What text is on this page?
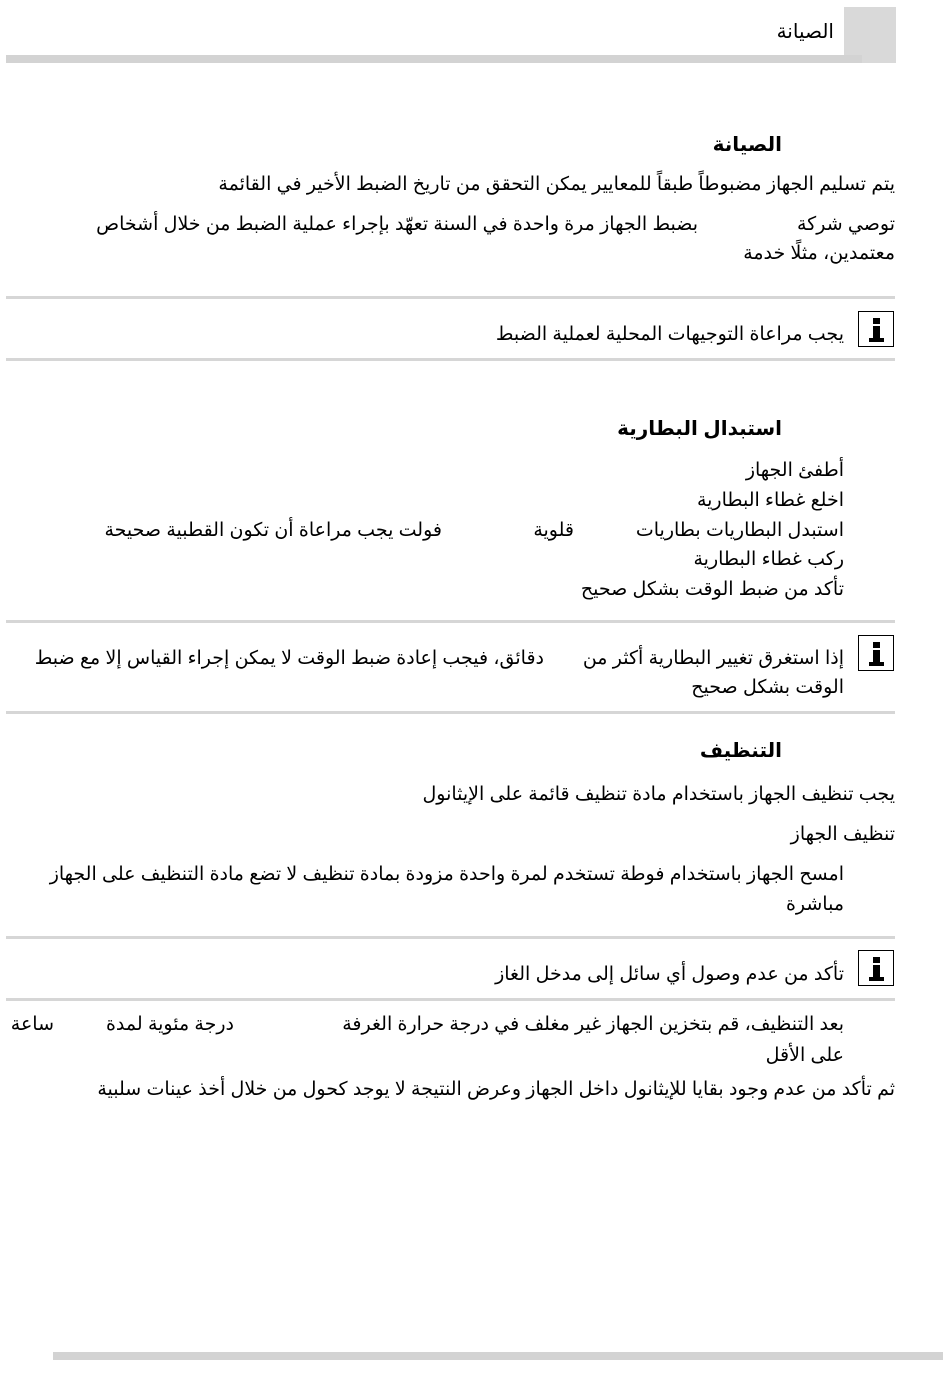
الصيانة
الصيانة
يتم تسليم الجهاز مضبوطاً طبقاً للمعايير يمكن التحقق من تاريخ الضبط الأخير في القائمة
توصي شركة
بضبط الجهاز مرة واحدة في السنة تعهّد بإجراء عملية الضبط من خلال أشخاص
معتمدين، مثلًا خدمة
يجب مراعاة التوجيهات المحلية لعملية الضبط
استبدال البطارية
أطفئ الجهاز
اخلع غطاء البطارية
استبدل البطاريات بطاريات
قلوية
فولت يجب مراعاة أن تكون القطبية صحيحة
ركب غطاء البطارية
تأكد من ضبط الوقت بشكل صحيح
إذا استغرق تغيير البطارية أكثر من
دقائق، فيجب إعادة ضبط الوقت لا يمكن إجراء القياس إلا مع ضبط
الوقت بشكل صحيح
التنظيف
يجب تنظيف الجهاز باستخدام مادة تنظيف قائمة على الإيثانول
تنظيف الجهاز
امسح الجهاز باستخدام فوطة تستخدم لمرة واحدة مزودة بمادة تنظيف لا تضع مادة التنظيف على الجهاز
مباشرة
تأكد من عدم وصول أي سائل إلى مدخل الغاز
بعد التنظيف، قم بتخزين الجهاز غير مغلف في درجة حرارة الغرفة
درجة مئوية لمدة
ساعة
على الأقل
ثم تأكد من عدم وجود بقايا للإيثانول داخل الجهاز وعرض النتيجة لا يوجد كحول من خلال أخذ عينات سلبية
